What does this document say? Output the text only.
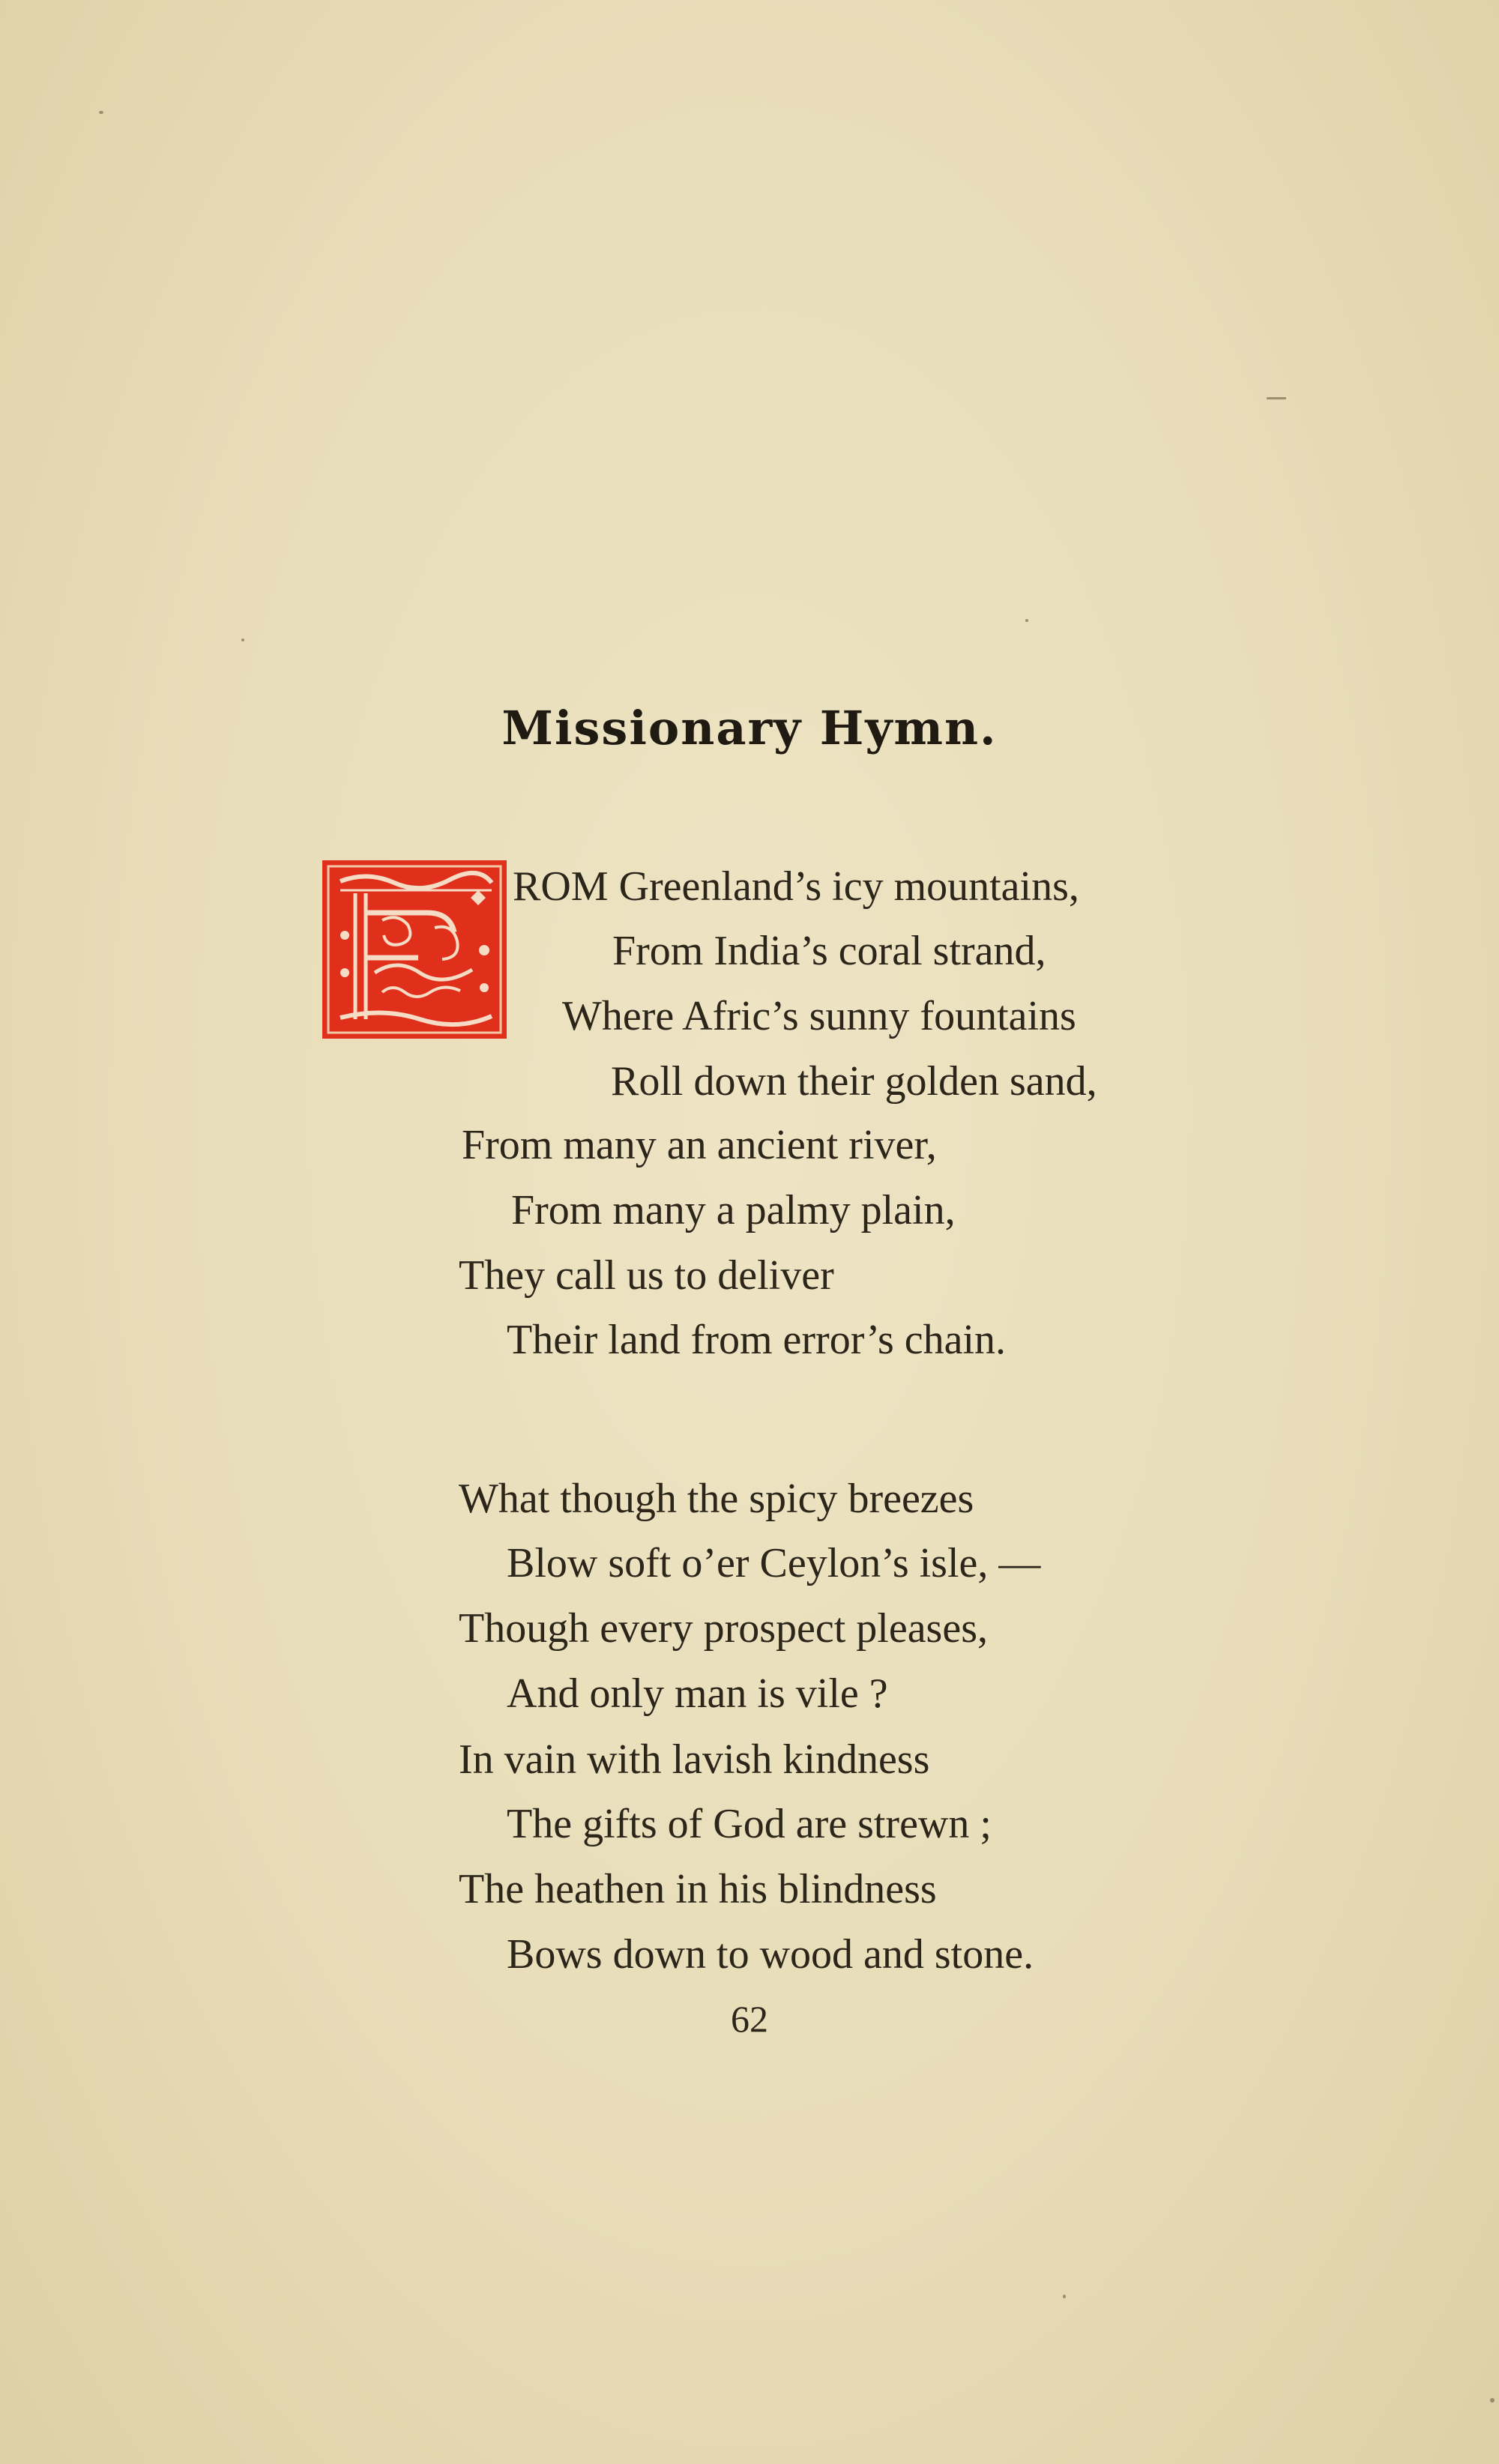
Missionary Hymn.
ROM Greenland’s icy mountains,
From India’s coral strand,
Where Afric’s sunny fountains
Roll down their golden sand,
From many an ancient river,
From many a palmy plain,
They call us to deliver
Their land from error’s chain.
What though the spicy breezes
Blow soft o’er Ceylon’s isle, —
Though every prospect pleases,
And only man is vile ?
In vain with lavish kindness
The gifts of God are strewn ;
The heathen in his blindness
Bows down to wood and stone.
62
